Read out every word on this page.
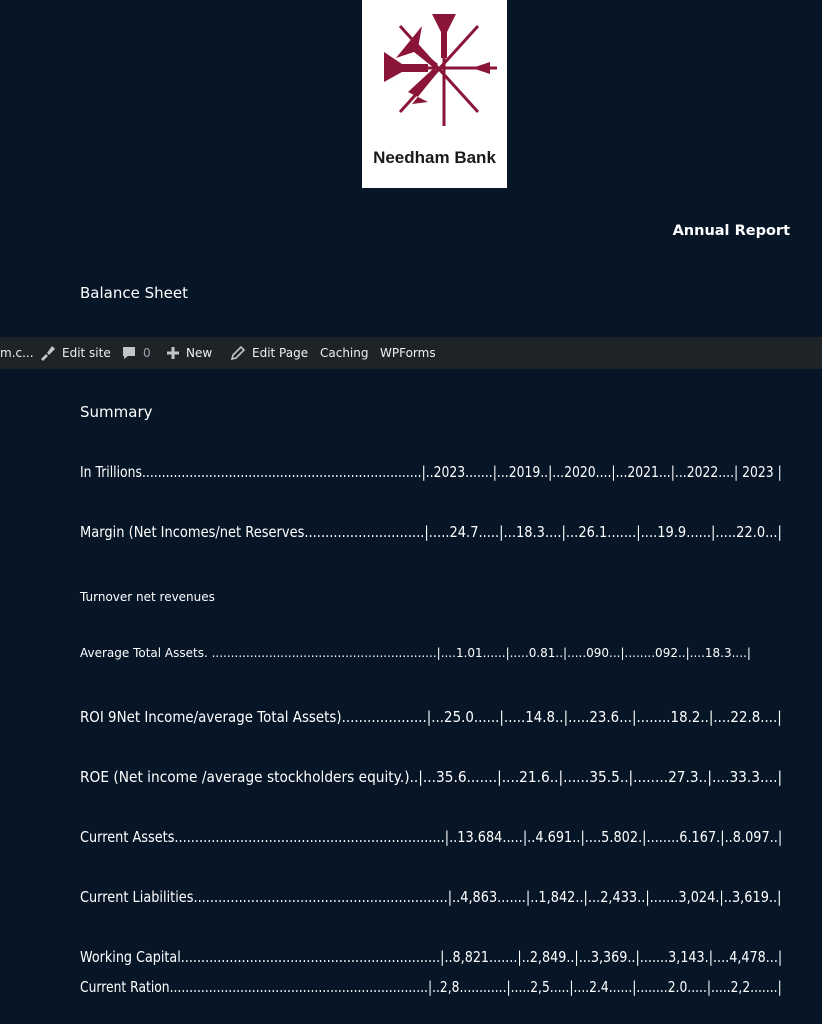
Needham Bank
Annual Report
Balance Sheet
m.c... Edit site	0	New	Edit Page Caching WPForms
Summary
In Trillions.......................................................................|..2023.......|...2019..|...2020....|...2021...|...2022....| 2023 |
Margin (Net Incomes/net Reserves.............................|.....24.7.....|...18.3....|...26.1.......|....19.9......|.....22.0...|
Turnover net revenues
Average Total Assets. ...........................................................|....1.01......|.....0.81..|.....090...|........092..|....18.3....|
ROI 9Net Income/average Total Assets)....................|...25.0......|.....14.8..|.....23.6...|........18.2..|....22.8....|
ROE (Net income /average stockholders equity.)..|...35.6.......|....21.6..|......35.5..|........27.3..|....33.3....|
Current Assets..................................................................|..13.684.....|..4.691..|....5.802.|........6.167.|..8.097..|
Current Liabilities..............................................................|..4,863.......|..1,842..|...2,433..|.......3,024.|..3,619..|
Working Capital................................................................|..8,821.......|..2,849..|...3,369..|.......3,143.|....4,478...|
Current Ration..................................................................|..2,8............|.....2,5.....|....2.4......|........2.0.....|.....2,2.......|
